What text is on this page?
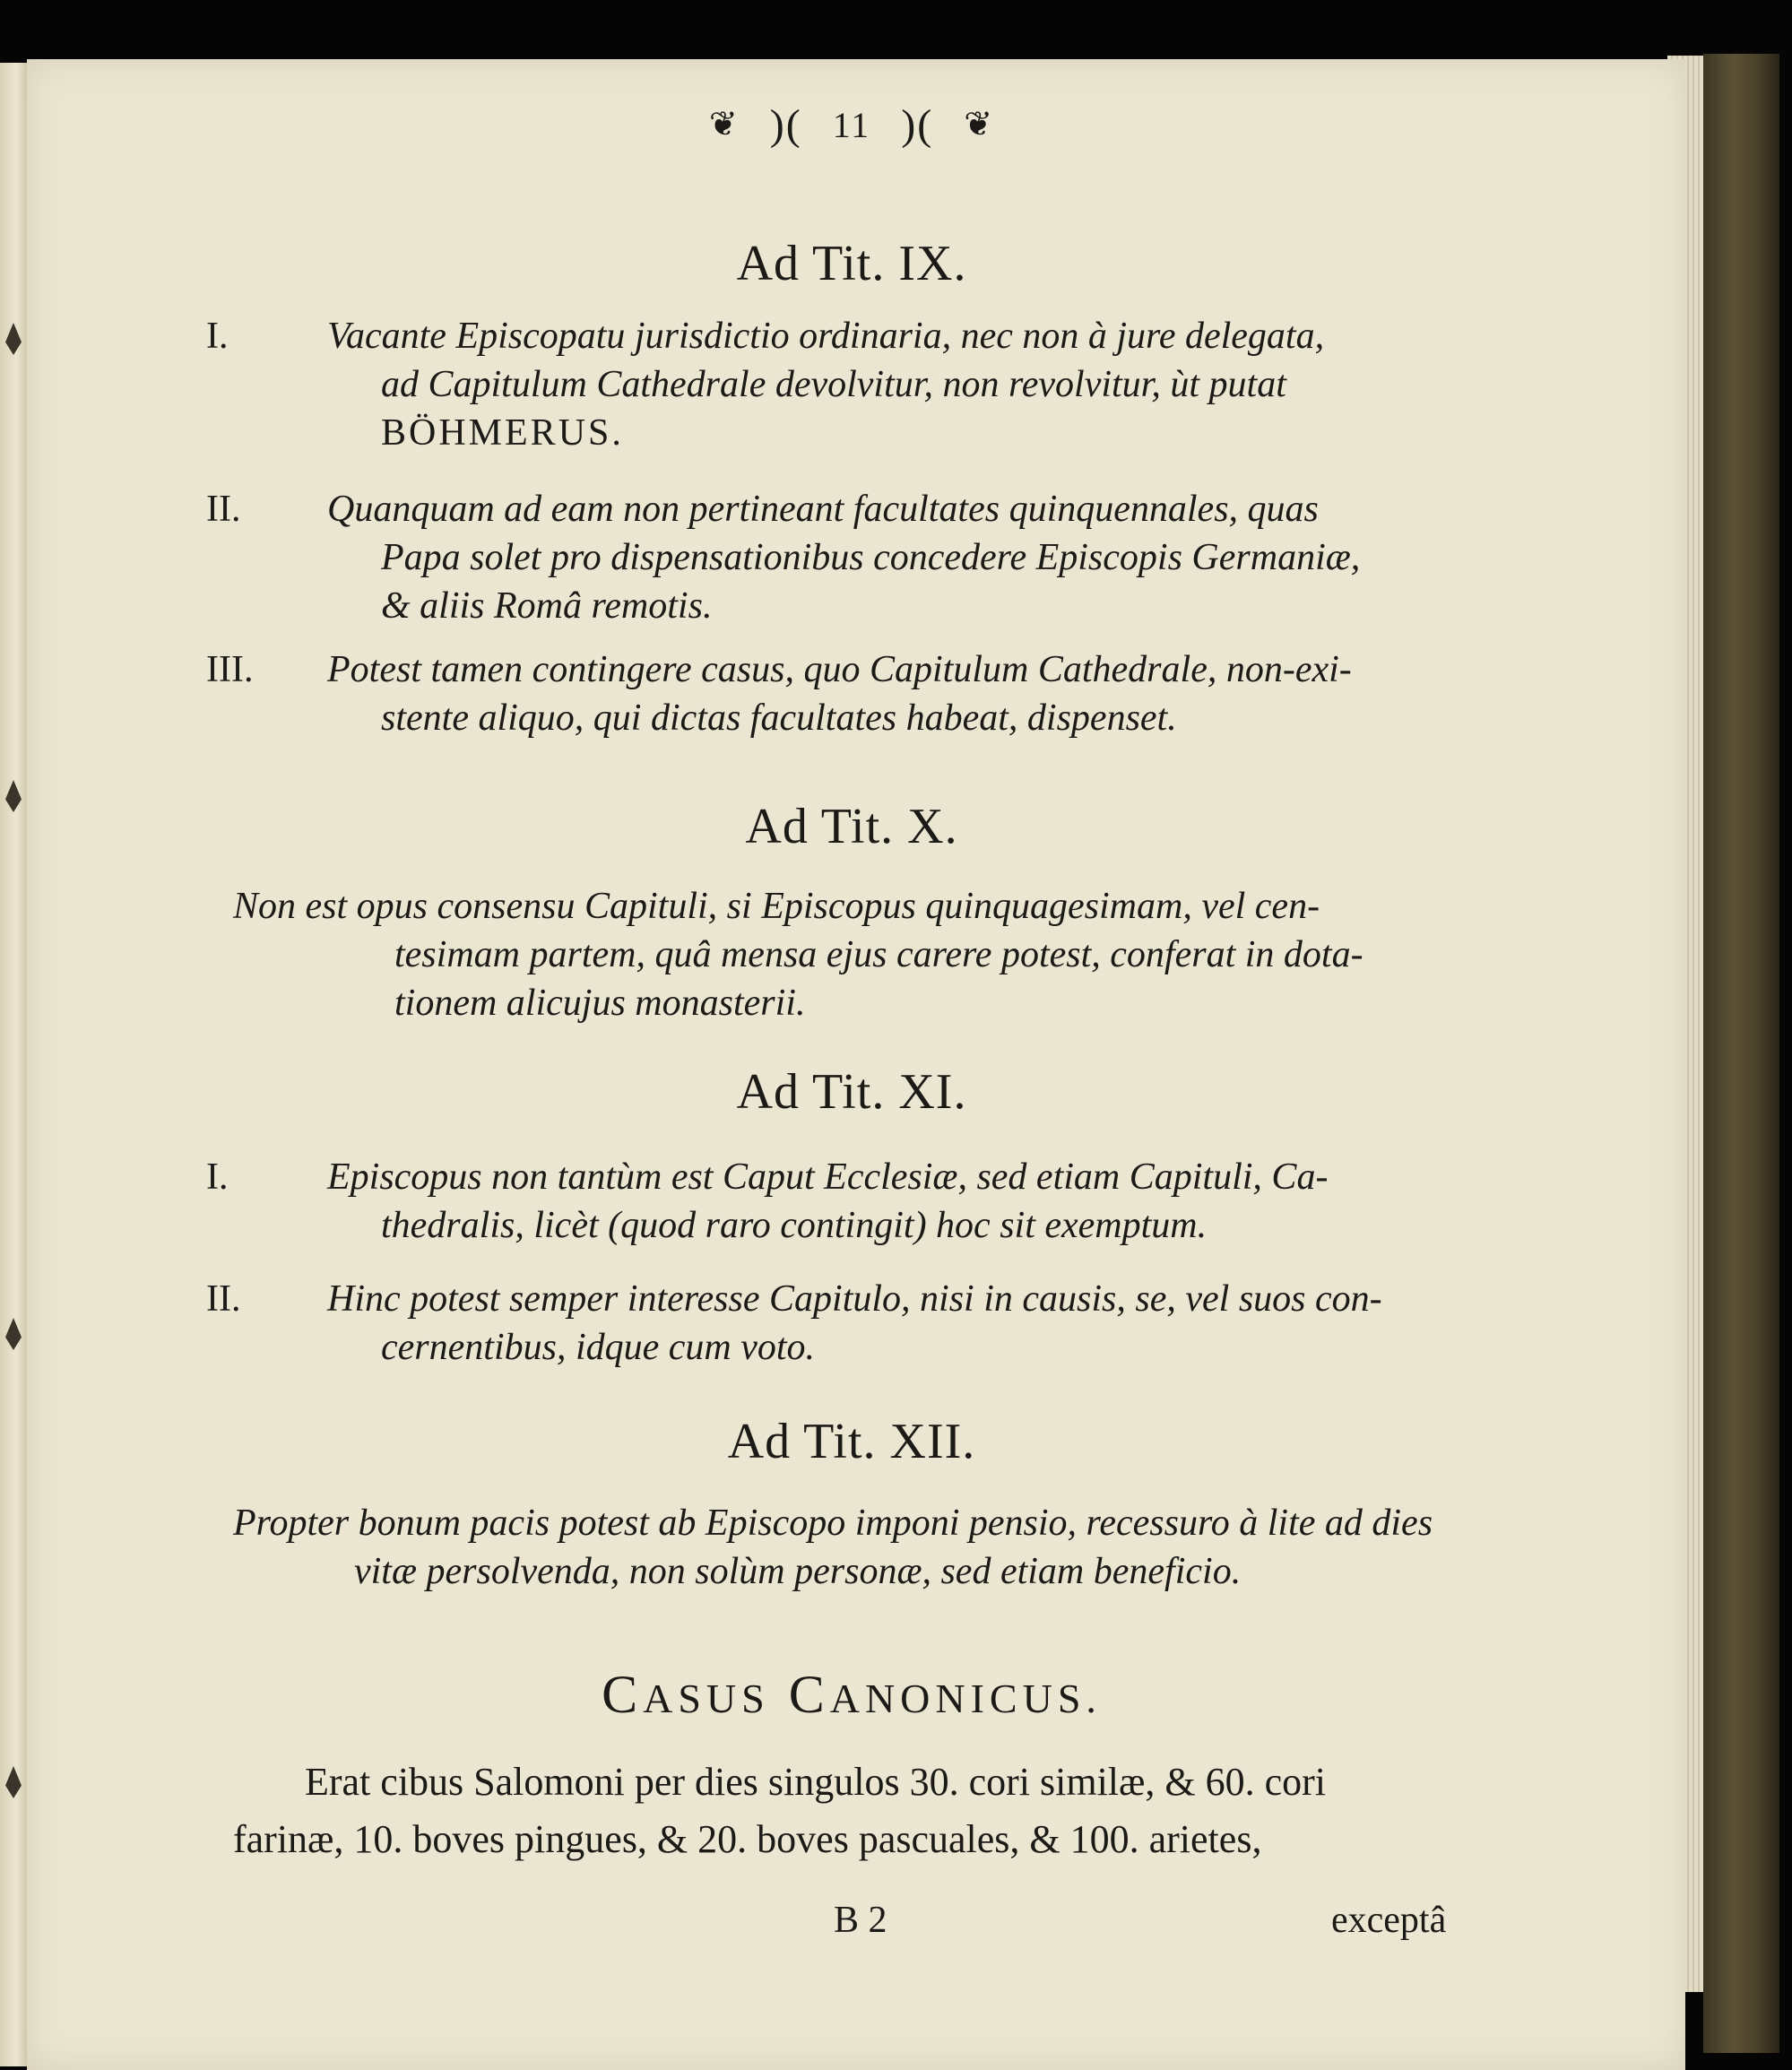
❦ )( 11 )( ❦
Ad Tit. IX.
I.	Vacante Episcopatu jurisdictio ordinaria, nec non à jure delegata,
ad Capitulum Cathedrale devolvitur, non revolvitur, ùt putat
BÖHMERUS.
II. Quanquam ad eam non pertineant facultates quinquennales, quas
Papa solet pro dispensationibus concedere Episcopis Germaniæ,
& aliis Româ remotis.
III. Potest tamen contingere casus, quo Capitulum Cathedrale, non-exi-
stente aliquo, qui dictas facultates habeat, dispenset.
Ad Tit. X.
Non est opus consensu Capituli, si Episcopus quinquagesimam, vel cen-
tesimam partem, quâ mensa ejus carere potest, conferat in dota-
tionem alicujus monasterii.
Ad Tit. XI.
I.	Episcopus non tantùm est Caput Ecclesiæ, sed etiam Capituli, Ca-
thedralis, licèt (quod raro contingit) hoc sit exemptum.
II. Hinc potest semper interesse Capitulo, nisi in causis, se, vel suos con-
cernentibus, idque cum voto.
Ad Tit. XII.
Propter bonum pacis potest ab Episcopo imponi pensio, recessuro à lite ad dies
vitæ persolvenda, non solùm personæ, sed etiam beneficio.
CASUS CANONICUS.
Erat cibus Salomoni per dies singulos 30. cori similæ, & 60. cori
farinæ, 10. boves pingues, & 20. boves pascuales, & 100. arietes,
B 2	exceptâ
